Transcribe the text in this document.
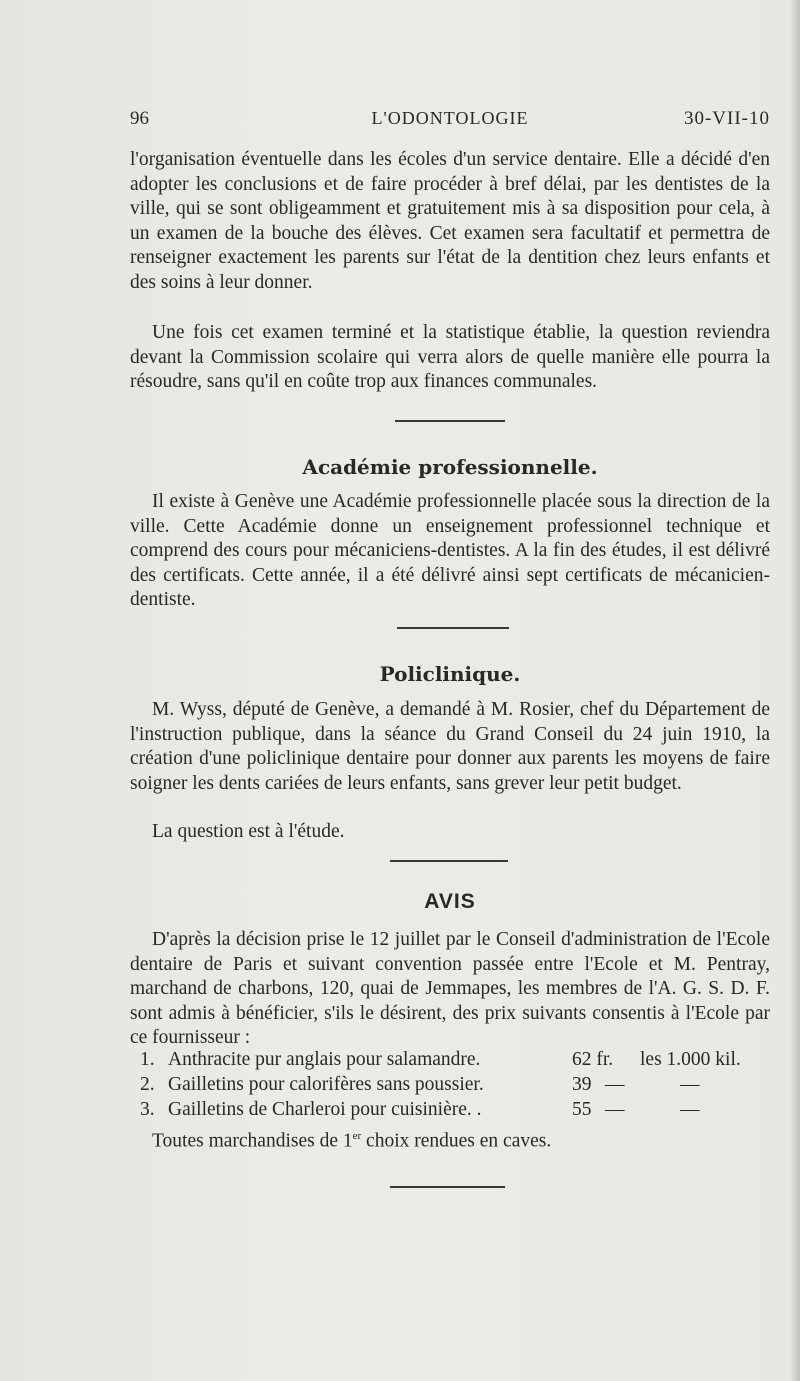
96	L'ODONTOLOGIE	30-VII-10

l'organisation éventuelle dans les écoles d'un service dentaire. Elle a décidé d'en adopter les conclusions et de faire procéder à bref délai, par les dentistes de la ville, qui se sont obligeamment et gratuitement mis à sa disposition pour cela, à un examen de la bouche des élèves. Cet examen sera facultatif et permettra de renseigner exactement les parents sur l'état de la dentition chez leurs enfants et des soins à leur donner.

Une fois cet examen terminé et la statistique établie, la question reviendra devant la Commission scolaire qui verra alors de quelle manière elle pourra la résoudre, sans qu'il en coûte trop aux finances communales.

Académie professionnelle.

Il existe à Genève une Académie professionnelle placée sous la direction de la ville. Cette Académie donne un enseignement professionnel technique et comprend des cours pour mécaniciens-dentistes. A la fin des études, il est délivré des certificats. Cette année, il a été délivré ainsi sept certificats de mécanicien-dentiste.

Policlinique.

M. Wyss, député de Genève, a demandé à M. Rosier, chef du Département de l'instruction publique, dans la séance du Grand Conseil du 24 juin 1910, la création d'une policlinique dentaire pour donner aux parents les moyens de faire soigner les dents cariées de leurs enfants, sans grever leur petit budget.

La question est à l'étude.

AVIS

D'après la décision prise le 12 juillet par le Conseil d'administration de l'Ecole dentaire de Paris et suivant convention passée entre l'Ecole et M. Pentray, marchand de charbons, 120, quai de Jemmapes, les membres de l'A. G. S. D. F. sont admis à bénéficier, s'ils le désirent, des prix suivants consentis à l'Ecole par ce fournisseur :

1. Anthracite pur anglais pour salamandre.	62 fr. les 1.000 kil.
2. Gailletins pour calorifères sans poussier.	39 —	—
3. Gailletins de Charleroi pour cuisinière. .	55 —	—

Toutes marchandises de 1er choix rendues en caves.
